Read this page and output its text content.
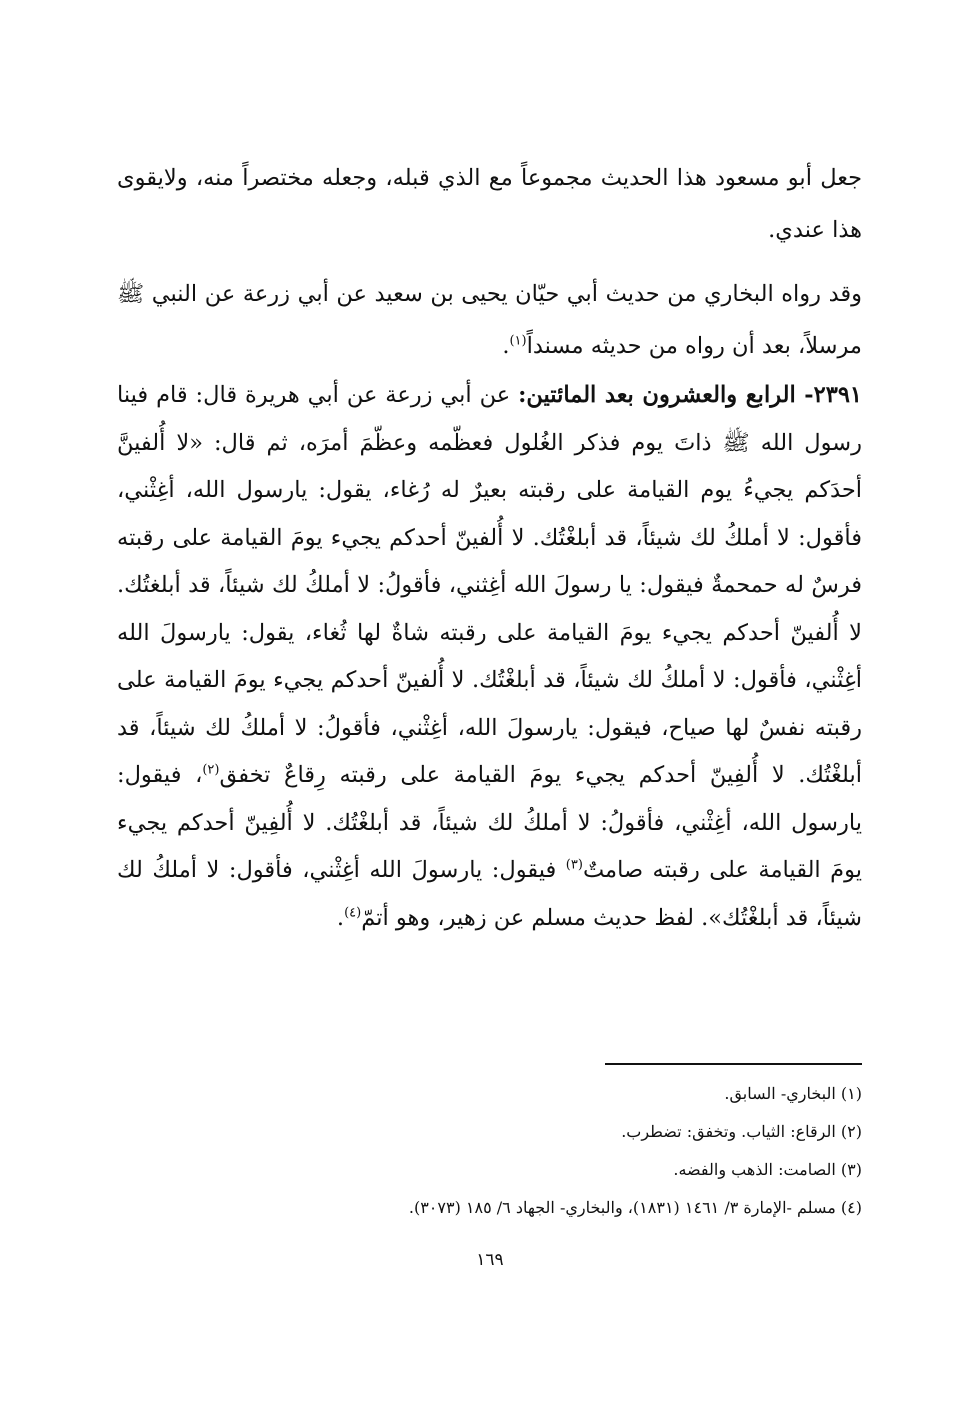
جعل أبو مسعود هذا الحديث مجموعاً مع الذي قبله، وجعله مختصراً منه، ولايقوى هذا عندي.
وقد رواه البخاري من حديث أبي حيّان يحيى بن سعيد عن أبي زرعة عن النبي ﷺ مرسلاً، بعد أن رواه من حديثه مسنداً$^{(١)}$.
٢٣٩١- الرابع والعشرون بعد المائتين: عن أبي زرعة عن أبي هريرة قال: قام فينا رسول الله ﷺ ذاتَ يوم فذكر الغُلول فعظّمه وعظّمَ أمرَه، ثم قال: «لا أُلفينَّ أحدَكم يجيءُ يوم القيامة على رقبته بعيرٌ له رُغاء، يقول: يارسول الله، أغِثْني، فأقول: لا أملكُ لك شيئاً، قد أبلغْتُك. لا أُلفينّ أحدكم يجيء يومَ القيامة على رقبته فرسٌ له حمحمةٌ فيقول: يا رسولَ الله أغِثني، فأقولُ: لا أملكُ لك شيئاً، قد أبلغتُك. لا أُلفينّ أحدكم يجيء يومَ القيامة على رقبته شاةٌ لها ثُغاء، يقول: يارسولَ الله أغِثْني، فأقول: لا أملكُ لك شيئاً، قد أبلغْتُك. لا أُلفينّ أحدكم يجيء يومَ القيامة على رقبته نفسٌ لها صياح، فيقول: يارسولَ الله، أغِثْني، فأقولُ: لا أملكُ لك شيئاً، قد أبلغْتُك. لا أُلفِينّ أحدكم يجيء يومَ القيامة على رقبته رِقاعٌ تخفق$^{(٢)}$، فيقول: يارسول الله، أغِثْني، فأقولُ: لا أملكُ لك شيئاً، قد أبلغْتُك. لا أُلفِينّ أحدكم يجيء يومَ القيامة على رقبته صامتٌ$^{(٣)}$ فيقول: يارسولَ الله أغِثْني، فأقول: لا أملكُ لك شيئاً، قد أبلغْتُك». لفظ حديث مسلم عن زهير، وهو أتمّ$^{(٤)}$.
(١) البخاري- السابق.
(٢) الرقاع: الثياب. وتخفق: تضطرب.
(٣) الصامت: الذهب والفضه.
(٤) مسلم -الإمارة ٣/ ١٤٦١ (١٨٣١)، والبخاري- الجهاد ٦/ ١٨٥ (٣٠٧٣).
١٦٩
